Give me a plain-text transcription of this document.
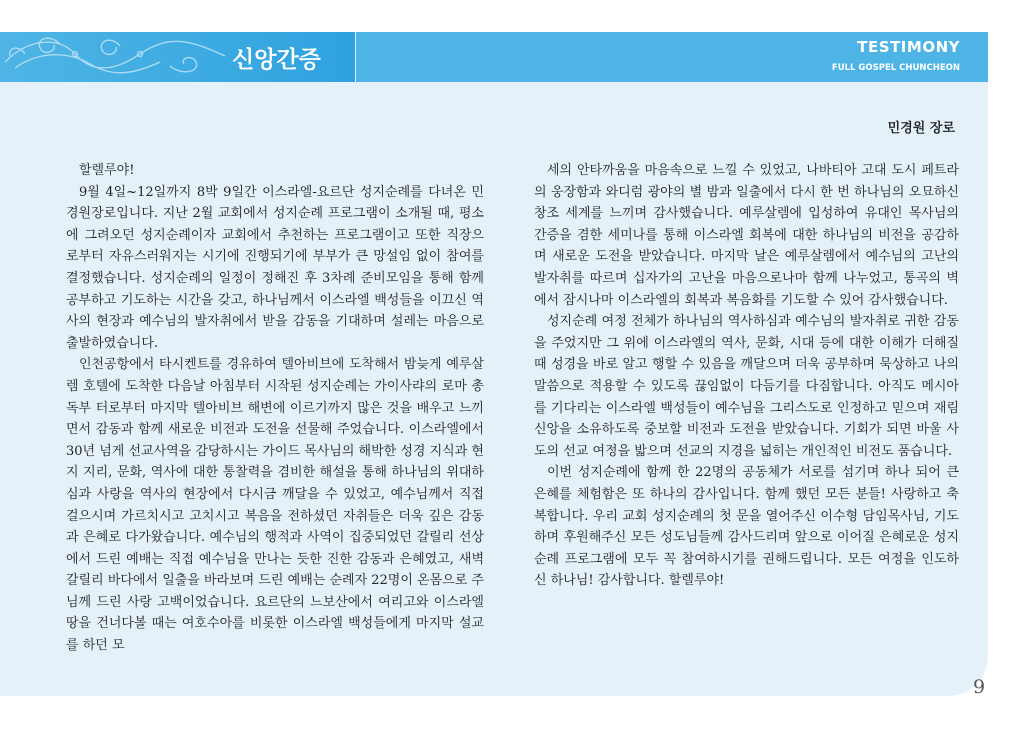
신앙간증	TESTIMONY
FULL GOSPEL CHUNCHEON
민경원 장로

할렐루야!

9월 4일~12일까지 8박 9일간 이스라엘-요르단 성지순례를 다녀온 민경원장로입니다. 지난 2월 교회에서 성지순례 프로그램이 소개될 때, 평소에 그려오던 성지순례이자 교회에서 추천하는 프로그램이고 또한 직장으로부터 자유스러워지는 시기에 진행되기에 부부가 큰 망설임 없이 참여를 결정했습니다. 성지순례의 일정이 정해진 후 3차례 준비모임을 통해 함께 공부하고 기도하는 시간을 갖고, 하나님께서 이스라엘 백성들을 이끄신 역사의 현장과 예수님의 발자취에서 받을 감동을 기대하며 설레는 마음으로 출발하였습니다.

인천공항에서 타시켄트를 경유하여 텔아비브에 도착해서 밤늦게 예루살렘 호텔에 도착한 다음날 아침부터 시작된 성지순례는 가이사랴의 로마 총독부 터로부터 마지막 텔아비브 해변에 이르기까지 많은 것을 배우고 느끼면서 감동과 함께 새로운 비전과 도전을 선물해 주었습니다. 이스라엘에서 30년 넘게 선교사역을 감당하시는 가이드 목사님의 해박한 성경 지식과 현지 지리, 문화, 역사에 대한 통찰력을 겸비한 해설을 통해 하나님의 위대하심과 사랑을 역사의 현장에서 다시금 깨달을 수 있었고, 예수님께서 직접 걸으시며 가르치시고 고치시고 복음을 전하셨던 자취들은 더욱 깊은 감동과 은혜로 다가왔습니다. 예수님의 행적과 사역이 집중되었던 갈릴리 선상에서 드린 예배는 직접 예수님을 만나는 듯한 진한 감동과 은혜였고, 새벽 갈릴리 바다에서 일출을 바라보며 드린 예배는 순례자 22명이 온몸으로 주님께 드린 사랑 고백이었습니다. 요르단의 느보산에서 여리고와 이스라엘 땅을 건너다볼 때는 여호수아를 비롯한 이스라엘 백성들에게 마지막 설교를 하던 모

세의 안타까움을 마음속으로 느낄 수 있었고, 나바티아 고대 도시 페트라의 웅장함과 와디럼 광야의 별 밤과 일출에서 다시 한 번 하나님의 오묘하신 창조 세계를 느끼며 감사했습니다. 예루살렘에 입성하여 유대인 목사님의 간증을 겸한 세미나를 통해 이스라엘 회복에 대한 하나님의 비전을 공감하며 새로운 도전을 받았습니다. 마지막 날은 예루살렘에서 예수님의 고난의 발자취를 따르며 십자가의 고난을 마음으로나마 함께 나누었고, 통곡의 벽에서 잠시나마 이스라엘의 회복과 복음화를 기도할 수 있어 감사했습니다.

성지순례 여정 전체가 하나님의 역사하심과 예수님의 발자취로 귀한 감동을 주었지만 그 위에 이스라엘의 역사, 문화, 시대 등에 대한 이해가 더해질 때 성경을 바로 알고 행할 수 있음을 깨달으며 더욱 공부하며 묵상하고 나의 말씀으로 적용할 수 있도록 끊임없이 다듬기를 다짐합니다. 아직도 메시아를 기다리는 이스라엘 백성들이 예수님을 그리스도로 인정하고 믿으며 재림신앙을 소유하도록 중보할 비전과 도전을 받았습니다. 기회가 되면 바울 사도의 선교 여정을 밟으며 선교의 지경을 넓히는 개인적인 비전도 품습니다.

이번 성지순례에 함께 한 22명의 공동체가 서로를 섬기며 하나 되어 큰 은혜를 체험함은 또 하나의 감사입니다. 함께 했던 모든 분들! 사랑하고 축복합니다. 우리 교회 성지순례의 첫 문을 열어주신 이수형 담임목사님, 기도하며 후원해주신 모든 성도님들께 감사드리며 앞으로 이어질 은혜로운 성지순례 프로그램에 모두 꼭 참여하시기를 권해드립니다. 모든 여정을 인도하신 하나님! 감사합니다. 할렐루야!

9
